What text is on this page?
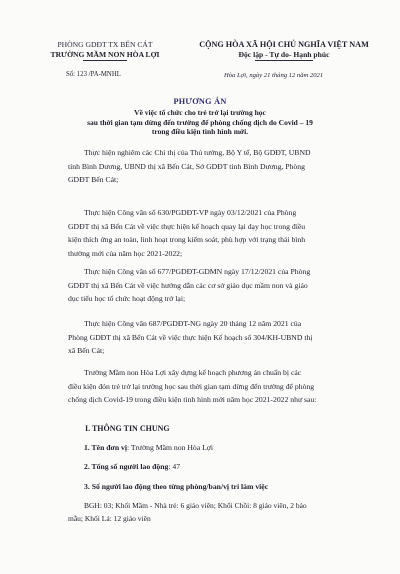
PHÒNG GDĐT TX BẾN CÁT
TRƯỜNG MẦM NON HÒA LỢI
CỘNG HÒA XÃ HỘI CHỦ NGHĨA VIỆT NAM
Độc lập - Tự do- Hạnh phúc
Số: 123 /PA-MNHL	Hòa Lợi, ngày 21 tháng 12 năm 2021
PHƯƠNG ÁN
Về việc tổ chức cho trẻ trở lại trường học
sau thời gian tạm dừng đến trường để phòng chống dịch do Covid – 19
trong điều kiện tình hình mới.
Thực hiện nghiêm các Chỉ thị của Thủ tướng, Bộ Y tế, Bộ GDĐT, UBND
tỉnh Bình Dương, UBND thị xã Bến Cát, Sở GDĐT tỉnh Bình Dương, Phòng
GDĐT Bến Cát;
Thực hiện Công văn số 630/PGDĐT-VP ngày 03/12/2021 của Phòng
GDĐT thị xã Bến Cát về việc thực hiện kế hoạch quay lại dạy học trong điều
kiện thích ứng an toàn, linh hoạt trong kiểm soát, phù hợp với trạng thái bình
thường mới của năm học 2021-2022;
Thực hiện Công văn số 677/PGDĐT-GDMN ngày 17/12/2021 của Phòng
GDĐT thị xã Bến Cát về việc hướng dẫn các cơ sở giáo dục mầm non và giáo
dục tiểu học tổ chức hoạt động trở lại;
Thực hiện Công văn 687/PGDĐT-NG ngày 20 tháng 12 năm 2021 của
Phòng GDĐT thị xã Bến Cát về việc thực hiện Kế hoạch số 304/KH-UBND thị
xã Bến Cát;
Trường Mầm non Hòa Lợi xây dựng kế hoạch phương án chuẩn bị các
điều kiện đón trẻ trở lại trường học sau thời gian tạm dừng đến trường để phòng
chống dịch Covid-19 trong điều kiện tình hình mới năm học 2021-2022 như sau:
I. THÔNG TIN CHUNG
1. Tên đơn vị: Trường Mầm non Hòa Lợi
2. Tổng số người lao động: 47
3. Số người lao động theo từng phòng/ban/vị trí làm việc
BGH: 03; Khối Mầm - Nhà trẻ: 6 giáo viên; Khối Chồi: 8 giáo viên, 2 bảo
mẫu; Khối Lá: 12 giáo viên
